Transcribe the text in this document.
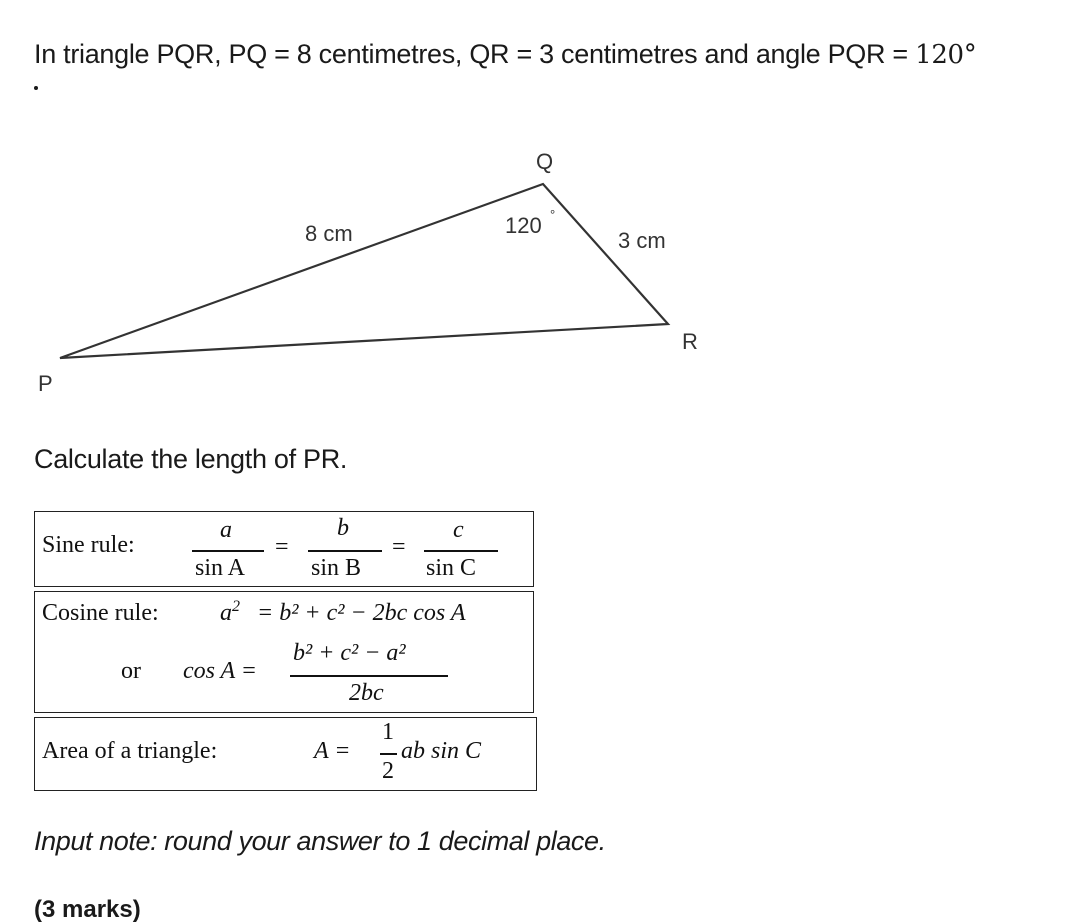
In triangle PQR, PQ = 8 centimetres, QR = 3 centimetres and angle PQR = 120°
P
Q
R
8 cm	3 cm
120 °
Calculate the length of PR.
Sine rule:
a
sin A
=
b
sin B
=
c
sin C
Cosine rule:	$a^2 = b^2 + c^2 - 2bc$ cos A
or cos A =
b² + c² − a²
2bc
Area of a triangle:	A =
1
2
ab sin C
Input note: round your answer to 1 decimal place.
(3 marks)
